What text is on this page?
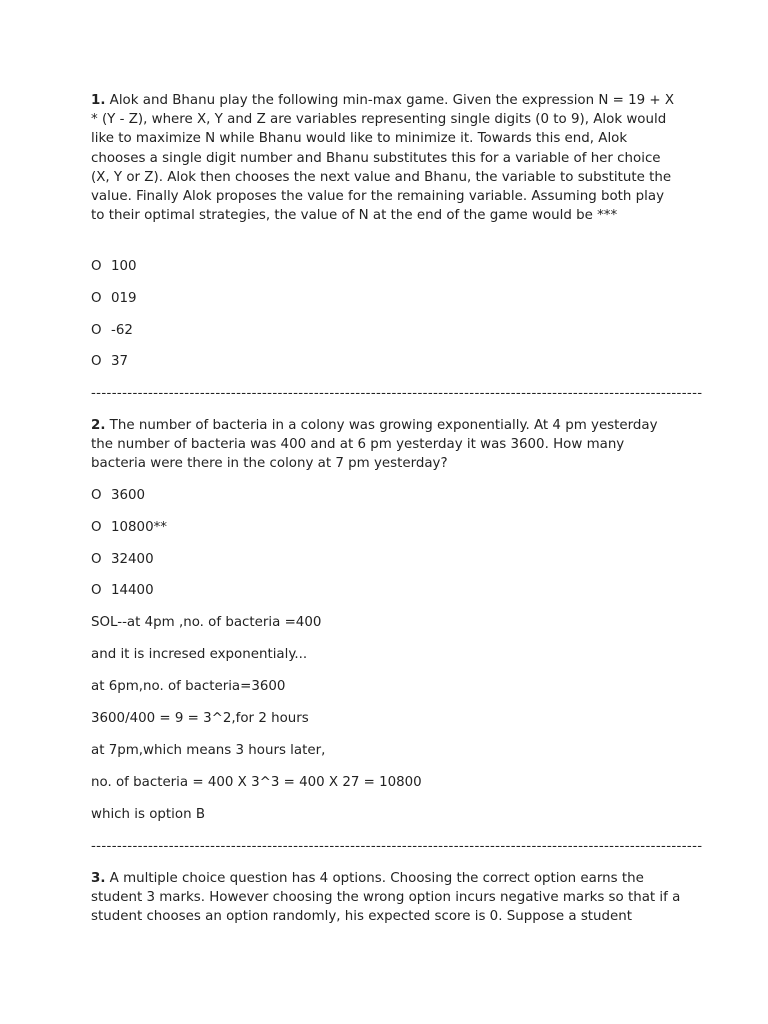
1. Alok and Bhanu play the following min-max game. Given the expression N = 19 + X * (Y - Z), where X, Y and Z are variables representing single digits (0 to 9), Alok would like to maximize N while Bhanu would like to minimize it. Towards this end, Alok chooses a single digit number and Bhanu substitutes this for a variable of her choice (X, Y or Z). Alok then chooses the next value and Bhanu, the variable to substitute the value. Finally Alok proposes the value for the remaining variable. Assuming both play to their optimal strategies, the value of N at the end of the game would be ***

O 100
O 019
O -62
O 37
----------------------------------------------------------------------------------------------------------------------

2. The number of bacteria in a colony was growing exponentially. At 4 pm yesterday the number of bacteria was 400 and at 6 pm yesterday it was 3600. How many bacteria were there in the colony at 7 pm yesterday?

O 3600
O 10800**
O 32400
O 14400
SOL--at 4pm ,no. of bacteria =400
and it is incresed exponentialy...
at 6pm,no. of bacteria=3600
3600/400 = 9 = 3^2,for 2 hours
at 7pm,which means 3 hours later,
no. of bacteria = 400 X 3^3 = 400 X 27 = 10800
which is option B
----------------------------------------------------------------------------------------------------------------------

3. A multiple choice question has 4 options. Choosing the correct option earns the student 3 marks. However choosing the wrong option incurs negative marks so that if a student chooses an option randomly, his expected score is 0. Suppose a student
